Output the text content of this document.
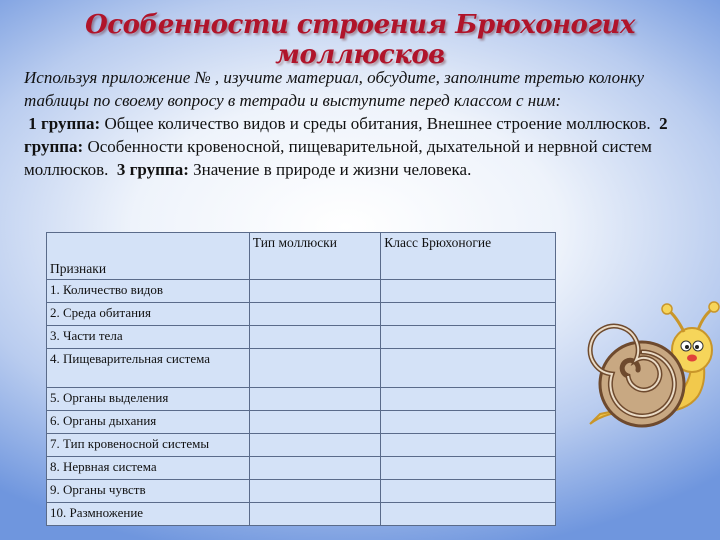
Особенности строения Брюхоногих моллюсков
Используя приложение № , изучите материал, обсудите, заполните третью колонку таблицы по своему вопросу в тетради и выступите перед классом с ним:
1 группа: Общее количество видов и среды обитания, Внешнее строение моллюсков. 2 группа: Особенности кровеносной, пищеварительной, дыхательной и нервной систем моллюсков. 3 группа: Значение в природе и жизни человека.
Признаки	Тип моллюски	Класс Брюхоногие
1. Количество видов		
2. Среда обитания		
3. Части тела		
4. Пищеварительная система		
5. Органы выделения		
6. Органы дыхания		
7. Тип кровеносной системы		
8. Нервная система		
9. Органы чувств		
10. Размножение		
